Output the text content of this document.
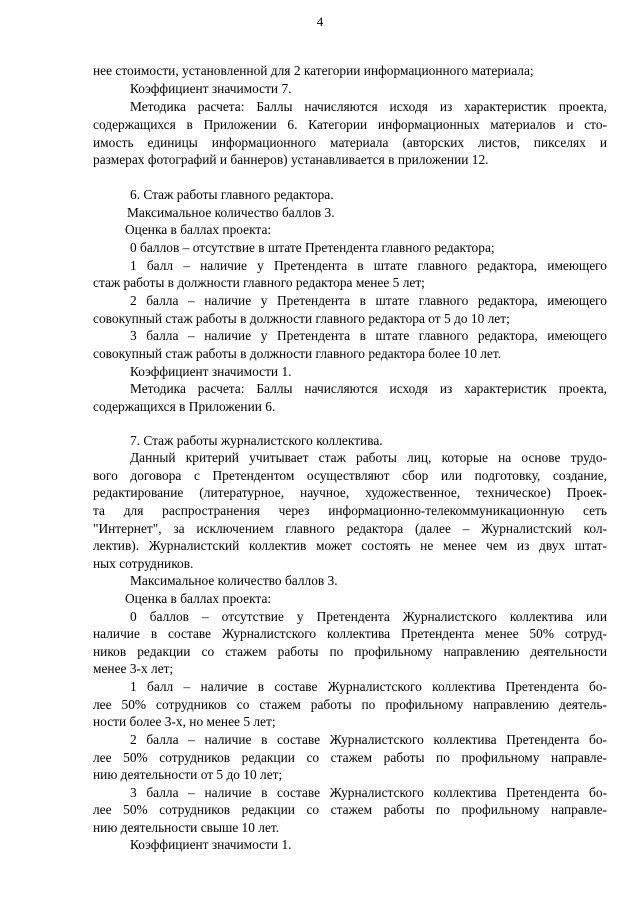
4
нее стоимости, установленной для 2 категории информационного материала;
Коэффициент значимости 7.
Методика расчета: Баллы начисляются исходя из характеристик проекта,
содержащихся в Приложении 6. Категории информационных материалов и сто-
имость единицы информационного материала (авторских листов, пикселях и
размерах фотографий и баннеров) устанавливается в приложении 12.
6. Стаж работы главного редактора.
Максимальное количество баллов 3.
Оценка в баллах проекта:
0 баллов – отсутствие в штате Претендента главного редактора;
1 балл – наличие у Претендента в штате главного редактора, имеющего
стаж работы в должности главного редактора менее 5 лет;
2 балла – наличие у Претендента в штате главного редактора, имеющего
совокупный стаж работы в должности главного редактора от 5 до 10 лет;
3 балла – наличие у Претендента в штате главного редактора, имеющего
совокупный стаж работы в должности главного редактора более 10 лет.
Коэффициент значимости 1.
Методика расчета: Баллы начисляются исходя из характеристик проекта,
содержащихся в Приложении 6.
7. Стаж работы журналистского коллектива.
Данный критерий учитывает стаж работы лиц, которые на основе трудо-
вого договора с Претендентом осуществляют сбор или подготовку, создание,
редактирование (литературное, научное, художественное, техническое) Проек-
та для распространения через информационно-телекоммуникационную сеть
"Интернет", за исключением главного редактора (далее – Журналистский кол-
лектив). Журналистский коллектив может состоять не менее чем из двух штат-
ных сотрудников.
Максимальное количество баллов 3.
Оценка в баллах проекта:
0 баллов – отсутствие у Претендента Журналистского коллектива или
наличие в составе Журналистского коллектива Претендента менее 50% сотруд-
ников редакции со стажем работы по профильному направлению деятельности
менее 3-х лет;
1 балл – наличие в составе Журналистского коллектива Претендента бо-
лее 50% сотрудников со стажем работы по профильному направлению деятель-
ности более 3-х, но менее 5 лет;
2 балла – наличие в составе Журналистского коллектива Претендента бо-
лее 50% сотрудников редакции со стажем работы по профильному направле-
нию деятельности от 5 до 10 лет;
3 балла – наличие в составе Журналистского коллектива Претендента бо-
лее 50% сотрудников редакции со стажем работы по профильному направле-
нию деятельности свыше 10 лет.
Коэффициент значимости 1.
